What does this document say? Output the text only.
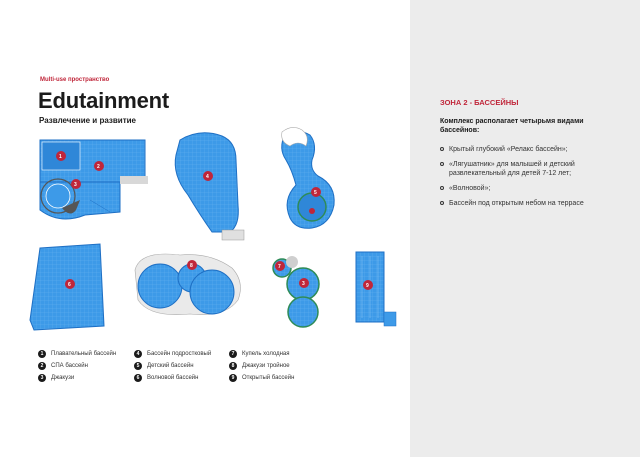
Multi-use пространство
Edutainment
Развлечение и развитие
1
2
3
4
5
6
7
8
9
3
1	Плавательный бассейн
2	СПА бассейн
3	Джакузи
4	Бассейн подростковый
5	Детский бассейн
6	Волновой бассейн
7	Купель холодная
8	Джакузи тройное
9	Открытый бассейн
ЗОНА 2 - БАССЕЙНЫ
Комплекс располагает четырьмя видами бассейнов:
Крытый глубокий «Релакс бассейн»;
«Лягушатник» для малышей и детский развлекательный для детей 7-12 лет;
«Волновой»;
Бассейн под открытым небом на террасе
